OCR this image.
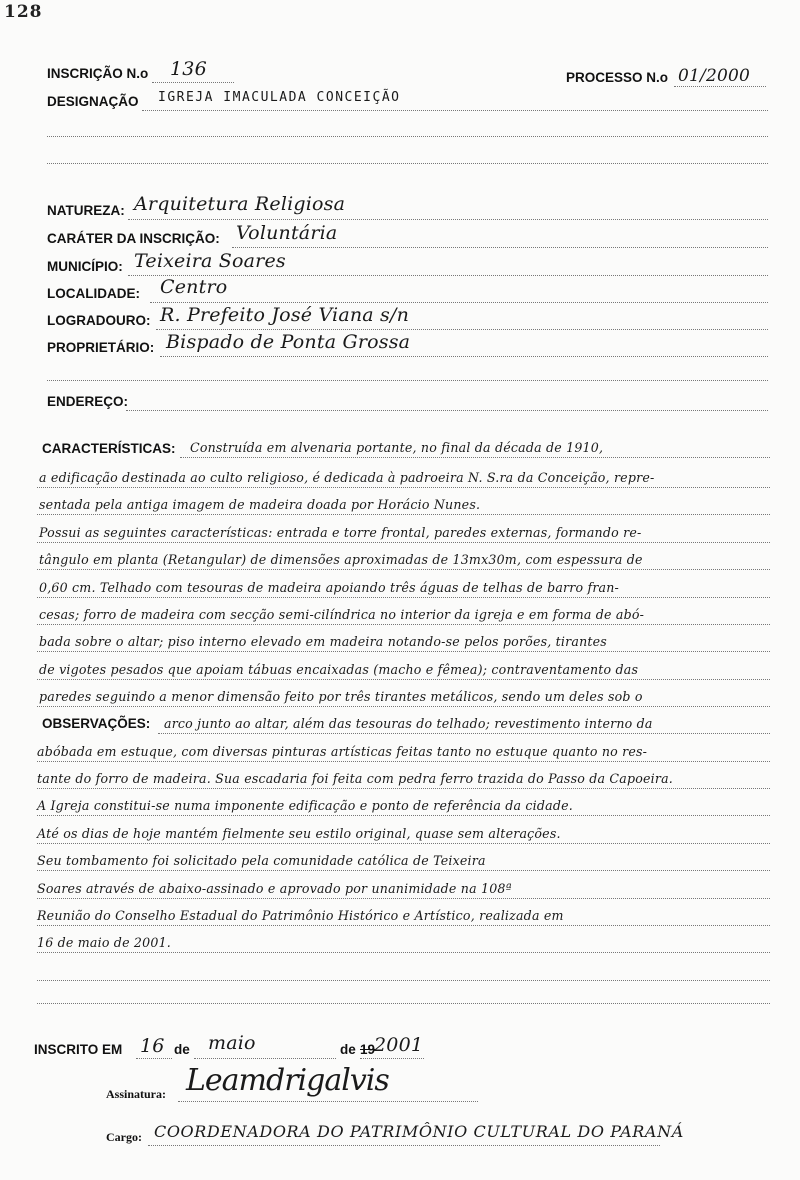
128
INSCRIÇÃO N.o 136	PROCESSO N.o 01/2000
DESIGNAÇÃO IGREJA IMACULADA CONCEIÇÃO
NATUREZA: Arquitetura Religiosa
CARÁTER DA INSCRIÇÃO: Voluntária
MUNICÍPIO: Teixeira Soares
LOCALIDADE: Centro
LOGRADOURO: R. Prefeito José Viana s/n
PROPRIETÁRIO: Bispado de Ponta Grossa
ENDEREÇO:
CARACTERÍSTICAS: Construída em alvenaria portante, no final da década de 1910,
a edificação destinada ao culto religioso, é dedicada à padroeira N. S.ra da Conceição, repre-
sentada pela antiga imagem de madeira doada por Horácio Nunes.
Possui as seguintes características: entrada e torre frontal, paredes externas, formando re-
tângulo em planta (Retangular) de dimensões aproximadas de 13mx30m, com espessura de
0,60 cm. Telhado com tesouras de madeira apoiando três águas de telhas de barro fran-
cesas; forro de madeira com secção semi-cilíndrica no interior da igreja e em forma de abó-
bada sobre o altar; piso interno elevado em madeira notando-se pelos porões, tirantes
de vigotes pesados que apoiam tábuas encaixadas (macho e fêmea); contraventamento das
paredes seguindo a menor dimensão feito por três tirantes metálicos, sendo um deles sob o
OBSERVAÇÕES: arco junto ao altar, além das tesouras do telhado; revestimento interno da
abóbada em estuque, com diversas pinturas artísticas feitas tanto no estuque quanto no res-
tante do forro de madeira. Sua escadaria foi feita com pedra ferro trazida do Passo da Capoeira.
A Igreja constitui-se numa imponente edificação e ponto de referência da cidade.
Até os dias de hoje mantém fielmente seu estilo original, quase sem alterações.
Seu tombamento foi solicitado pela comunidade católica de Teixeira
Soares através de abaixo-assinado e aprovado por unanimidade na 108ª
Reunião do Conselho Estadual do Patrimônio Histórico e Artístico, realizada em
16 de maio de 2001.
INSCRITO EM 16 de maio	de 19
2001
Assinatura: Leamdrigalvis
Cargo: COORDENADORA DO PATRIMÔNIO CULTURAL DO PARANÁ
